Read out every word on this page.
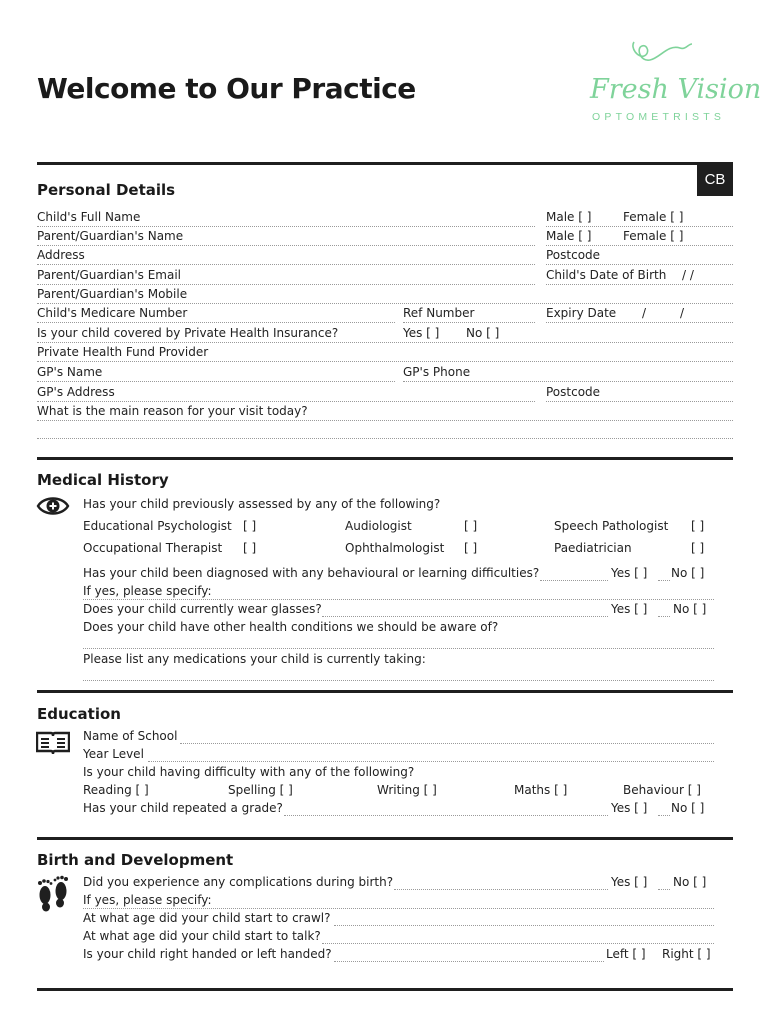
Welcome to Our Practice	Fresh Vision
OPTOMETRISTS
CB
Personal Details
Child's Full Name	Male [ ]	Female [ ]
Parent/Guardian's Name	Male [ ]	Female [ ]
Address	Postcode
Parent/Guardian's Email	Child's Date of Birth / /
Parent/Guardian's Mobile
Child's Medicare Number	Ref Number	Expiry Date /	/
Is your child covered by Private Health Insurance?	Yes [ ] No [ ]
Private Health Fund Provider
GP's Name	GP's Phone
GP's Address	Postcode
What is the main reason for your visit today?
Medical History
Has your child previously assessed by any of the following?
Educational Psychologist [ ]	Audiologist	[ ]	Speech Pathologist [ ]
Occupational Therapist [ ]	Ophthalmologist [ ]	Paediatrician	[ ]
Has your child been diagnosed with any behavioural or learning difficulties?	Yes [ ] No [ ]
If yes, please specify:
Does your child currently wear glasses?	Yes [ ] No [ ]
Does your child have other health conditions we should be aware of?
Please list any medications your child is currently taking:
Education
Name of School
Year Level
Is your child having difficulty with any of the following?
Reading [ ]	Spelling [ ]	Writing [ ]	Maths [ ]	Behaviour [ ]
Has your child repeated a grade?	Yes [ ] No [ ]
Birth and Development
Did you experience any complications during birth?	Yes [ ] No [ ]
If yes, please specify:
At what age did your child start to crawl?
At what age did your child start to talk?
Is your child right handed or left handed?	Left [ ] Right [ ]
